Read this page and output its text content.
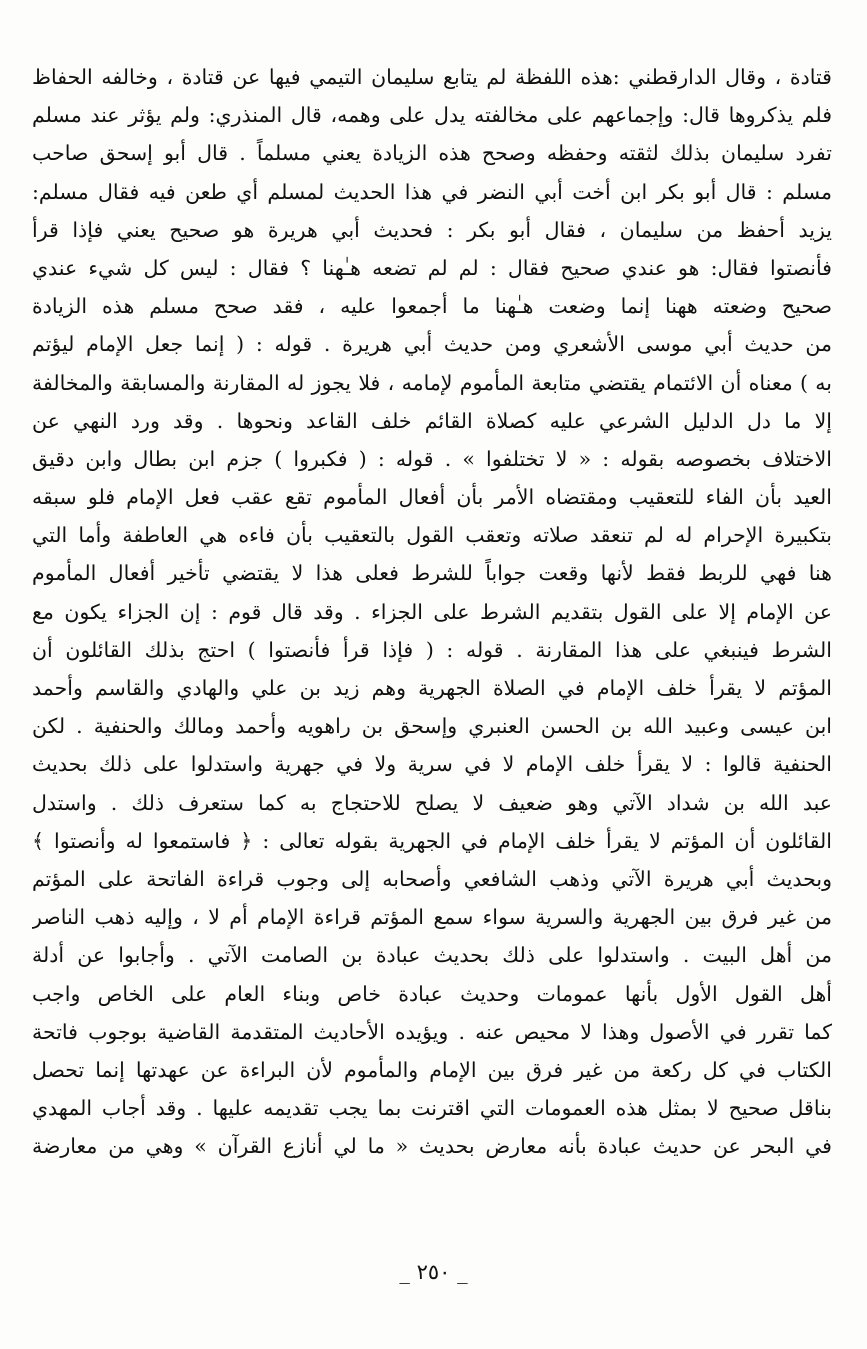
قتادة ، وقال الدارقطني :هذه اللفظة لم يتابع سليمان التيمي فيها عن قتادة ، وخالفه الحفاظ
فلم يذكروها قال: وإجماعهم على مخالفته يدل على وهمه، قال المنذري: ولم يؤثر عند مسلم
تفرد سليمان بذلك لثقته وحفظه وصحح هذه الزيادة يعني مسلماً . قال أبو إسحق صاحب
مسلم : قال أبو بكر ابن أخت أبي النضر في هذا الحديث لمسلم أي طعن فيه فقال مسلم:
يزيد أحفظ من سليمان ، فقال أبو بكر : فحديث أبي هريرة هو صحيح يعني فإذا قرأ
فأنصتوا فقال: هو عندي صحيح فقال : لم لم تضعه هـٰهنا ؟ فقال : ليس كل شيء عندي
صحيح وضعته ههنا إنما وضعت هـٰهنا ما أجمعوا عليه ، فقد صحح مسلم هذه الزيادة
من حديث أبي موسى الأشعري ومن حديث أبي هريرة . قوله : ( إنما جعل الإمام ليؤتم
به ) معناه أن الائتمام يقتضي متابعة المأموم لإمامه ، فلا يجوز له المقارنة والمسابقة والمخالفة
إلا ما دل الدليل الشرعي عليه كصلاة القائم خلف القاعد ونحوها . وقد ورد النهي عن
الاختلاف بخصوصه بقوله : « لا تختلفوا » . قوله : ( فكبروا ) جزم ابن بطال وابن دقيق
العيد بأن الفاء للتعقيب ومقتضاه الأمر بأن أفعال المأموم تقع عقب فعل الإمام فلو سبقه
بتكبيرة الإحرام له لم تنعقد صلاته وتعقب القول بالتعقيب بأن فاءه هي العاطفة وأما التي
هنا فهي للربط فقط لأنها وقعت جواباً للشرط فعلى هذا لا يقتضي تأخير أفعال المأموم
عن الإمام إلا على القول بتقديم الشرط على الجزاء . وقد قال قوم : إن الجزاء يكون مع
الشرط فينبغي على هذا المقارنة . قوله : ( فإذا قرأ فأنصتوا ) احتج بذلك القائلون أن
المؤتم لا يقرأ خلف الإمام في الصلاة الجهرية وهم زيد بن علي والهادي والقاسم وأحمد
ابن عيسى وعبيد الله بن الحسن العنبري وإسحق بن راهويه وأحمد ومالك والحنفية . لكن
الحنفية قالوا : لا يقرأ خلف الإمام لا في سرية ولا في جهرية واستدلوا على ذلك بحديث
عبد الله بن شداد الآتي وهو ضعيف لا يصلح للاحتجاج به كما ستعرف ذلك . واستدل
القائلون أن المؤتم لا يقرأ خلف الإمام في الجهرية بقوله تعالى : ﴿ فاستمعوا له وأنصتوا ﴾
وبحديث أبي هريرة الآتي وذهب الشافعي وأصحابه إلى وجوب قراءة الفاتحة على المؤتم
من غير فرق بين الجهرية والسرية سواء سمع المؤتم قراءة الإمام أم لا ، وإليه ذهب الناصر
من أهل البيت . واستدلوا على ذلك بحديث عبادة بن الصامت الآتي . وأجابوا عن أدلة
أهل القول الأول بأنها عمومات وحديث عبادة خاص وبناء العام على الخاص واجب
كما تقرر في الأصول وهذا لا محيص عنه . ويؤيده الأحاديث المتقدمة القاضية بوجوب فاتحة
الكتاب في كل ركعة من غير فرق بين الإمام والمأموم لأن البراءة عن عهدتها إنما تحصل
بناقل صحيح لا بمثل هذه العمومات التي اقترنت بما يجب تقديمه عليها . وقد أجاب المهدي
في البحر عن حديث عبادة بأنه معارض بحديث « ما لي أنازع القرآن » وهي من معارضة
_ ٢٥٠ _
